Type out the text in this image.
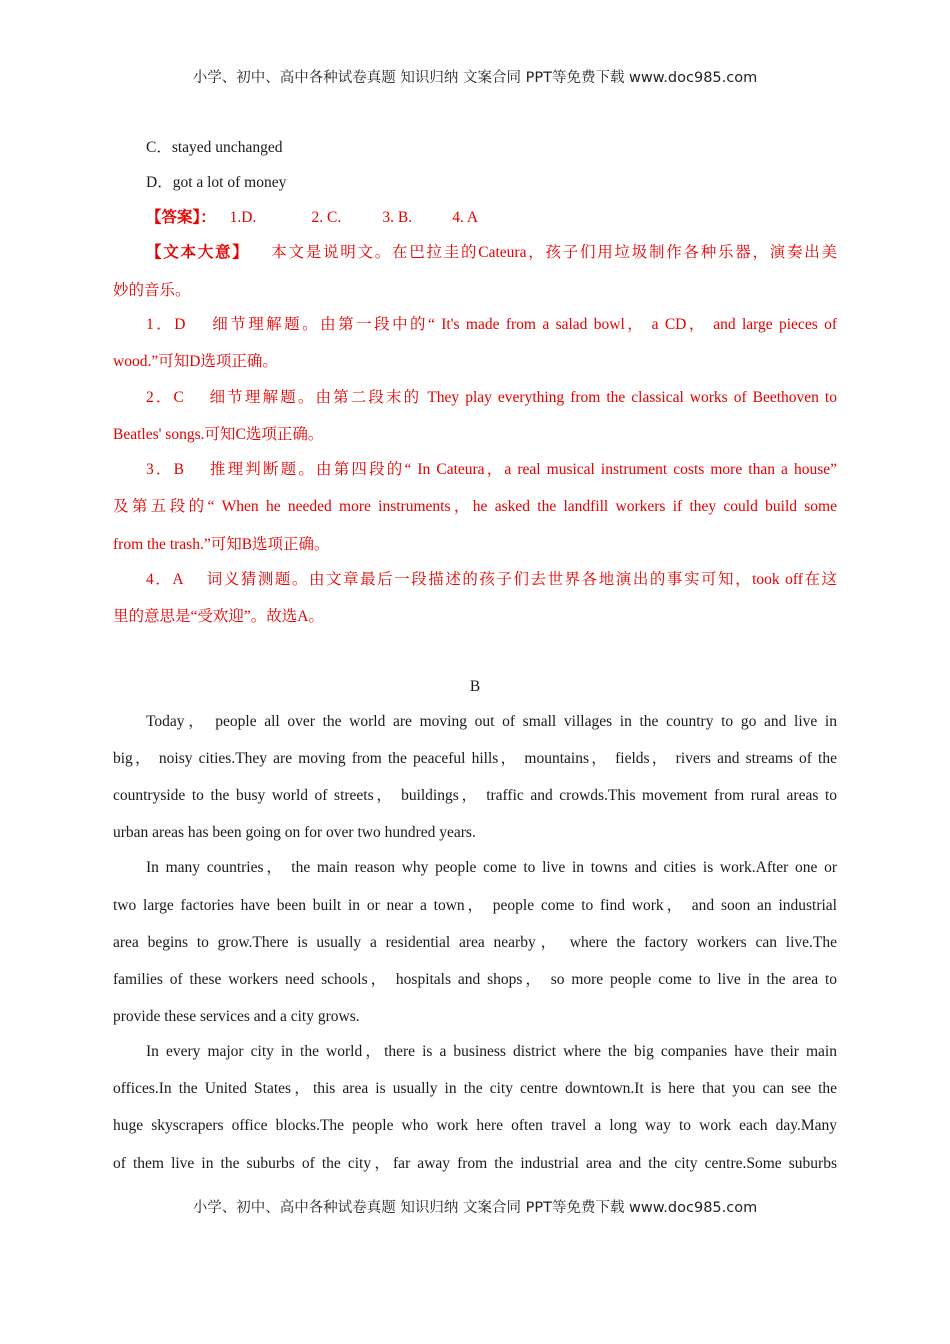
小学、初中、高中各种试卷真题 知识归纳 文案合同 PPT等免费下载 www.doc985.com
C．stayed unchanged
D．got a lot of money
【答案】： 1.D.	2. C.	3. B.	4. A
【文本大意】 本文是说明文。在巴拉圭的Cateura，孩子们用垃圾制作各种乐器，演奏出美
妙的音乐。
1．D　 细节理解题。由第一段中的“ It's made from a salad bowl， a CD， and large pieces of
wood.”可知D选项正确。
2．C　 细节理解题。由第二段末的 They play everything from the classical works of Beethoven to
Beatles' songs.可知C选项正确。
3．B　 推理判断题。由第四段的“ In Cateura，a real musical instrument costs more than a house”
及第五段的“ When he needed more instruments，he asked the landfill workers if they could build some
from the trash.”可知B选项正确。
4．A　 词义猜测题。由文章最后一段描述的孩子们去世界各地演出的事实可知，took off在这
里的意思是“受欢迎”。故选A。
B
Today， people all over the world are moving out of small villages in the country to go and live in
big， noisy cities.They are moving from the peaceful hills， mountains， fields， rivers and streams of the
countryside to the busy world of streets， buildings， traffic and crowds.This movement from rural areas to
urban areas has been going on for over two hundred years.
In many countries， the main reason why people come to live in towns and cities is work.After one or
two large factories have been built in or near a town， people come to find work， and soon an industrial
area begins to grow.There is usually a residential area nearby， where the factory workers can live.The
families of these workers need schools， hospitals and shops， so more people come to live in the area to
provide these services and a city grows.
In every major city in the world，there is a business district where the big companies have their main
offices.In the United States，this area is usually in the city centre downtown.It is here that you can see the
huge skyscrapers office blocks.The people who work here often travel a long way to work each day.Many
of them live in the suburbs of the city，far away from the industrial area and the city centre.Some suburbs
小学、初中、高中各种试卷真题 知识归纳 文案合同 PPT等免费下载 www.doc985.com
